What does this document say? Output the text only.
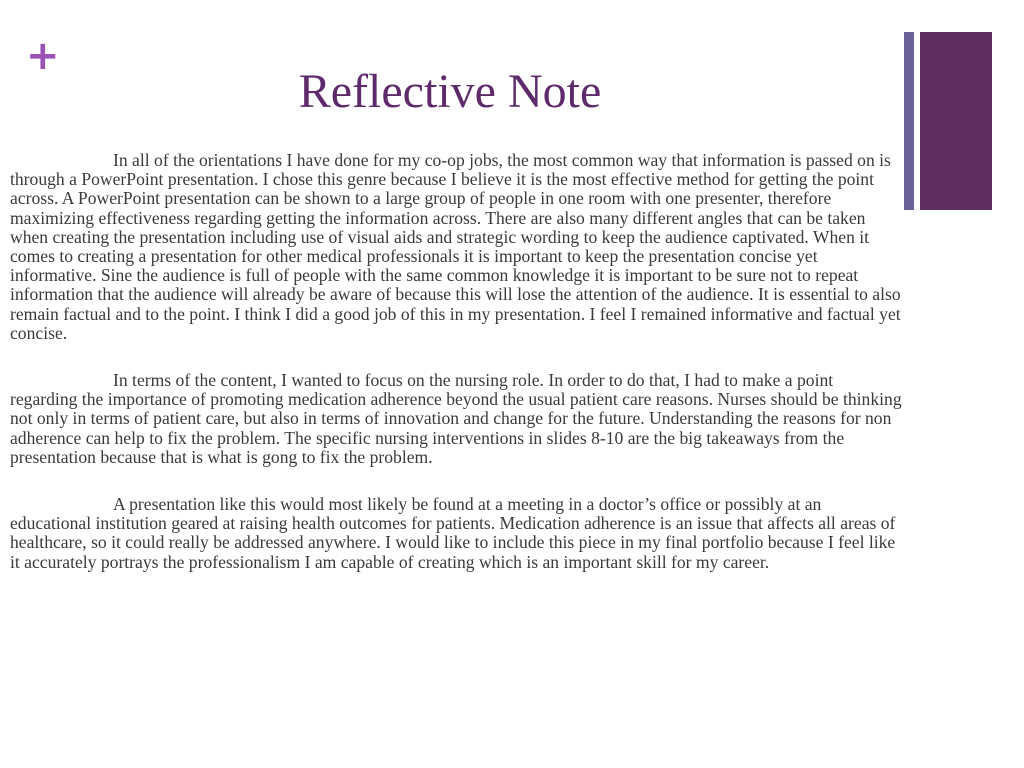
+
Reflective Note

In all of the orientations I have done for my co-op jobs, the most common way that information is passed on is through a PowerPoint presentation. I chose this genre because I believe it is the most effective method for getting the point across. A PowerPoint presentation can be shown to a large group of people in one room with one presenter, therefore maximizing effectiveness regarding getting the information across. There are also many different angles that can be taken when creating the presentation including use of visual aids and strategic wording to keep the audience captivated. When it comes to creating a presentation for other medical professionals it is important to keep the presentation concise yet informative. Sine the audience is full of people with the same common knowledge it is important to be sure not to repeat information that the audience will already be aware of because this will lose the attention of the audience. It is essential to also remain factual and to the point. I think I did a good job of this in my presentation. I feel I remained informative and factual yet concise.

In terms of the content, I wanted to focus on the nursing role. In order to do that, I had to make a point regarding the importance of promoting medication adherence beyond the usual patient care reasons. Nurses should be thinking not only in terms of patient care, but also in terms of innovation and change for the future. Understanding the reasons for non adherence can help to fix the problem. The specific nursing interventions in slides 8-10 are the big takeaways from the presentation because that is what is gong to fix the problem.

A presentation like this would most likely be found at a meeting in a doctor’s office or possibly at an educational institution geared at raising health outcomes for patients. Medication adherence is an issue that affects all areas of healthcare, so it could really be addressed anywhere. I would like to include this piece in my final portfolio because I feel like it accurately portrays the professionalism I am capable of creating which is an important skill for my career.
